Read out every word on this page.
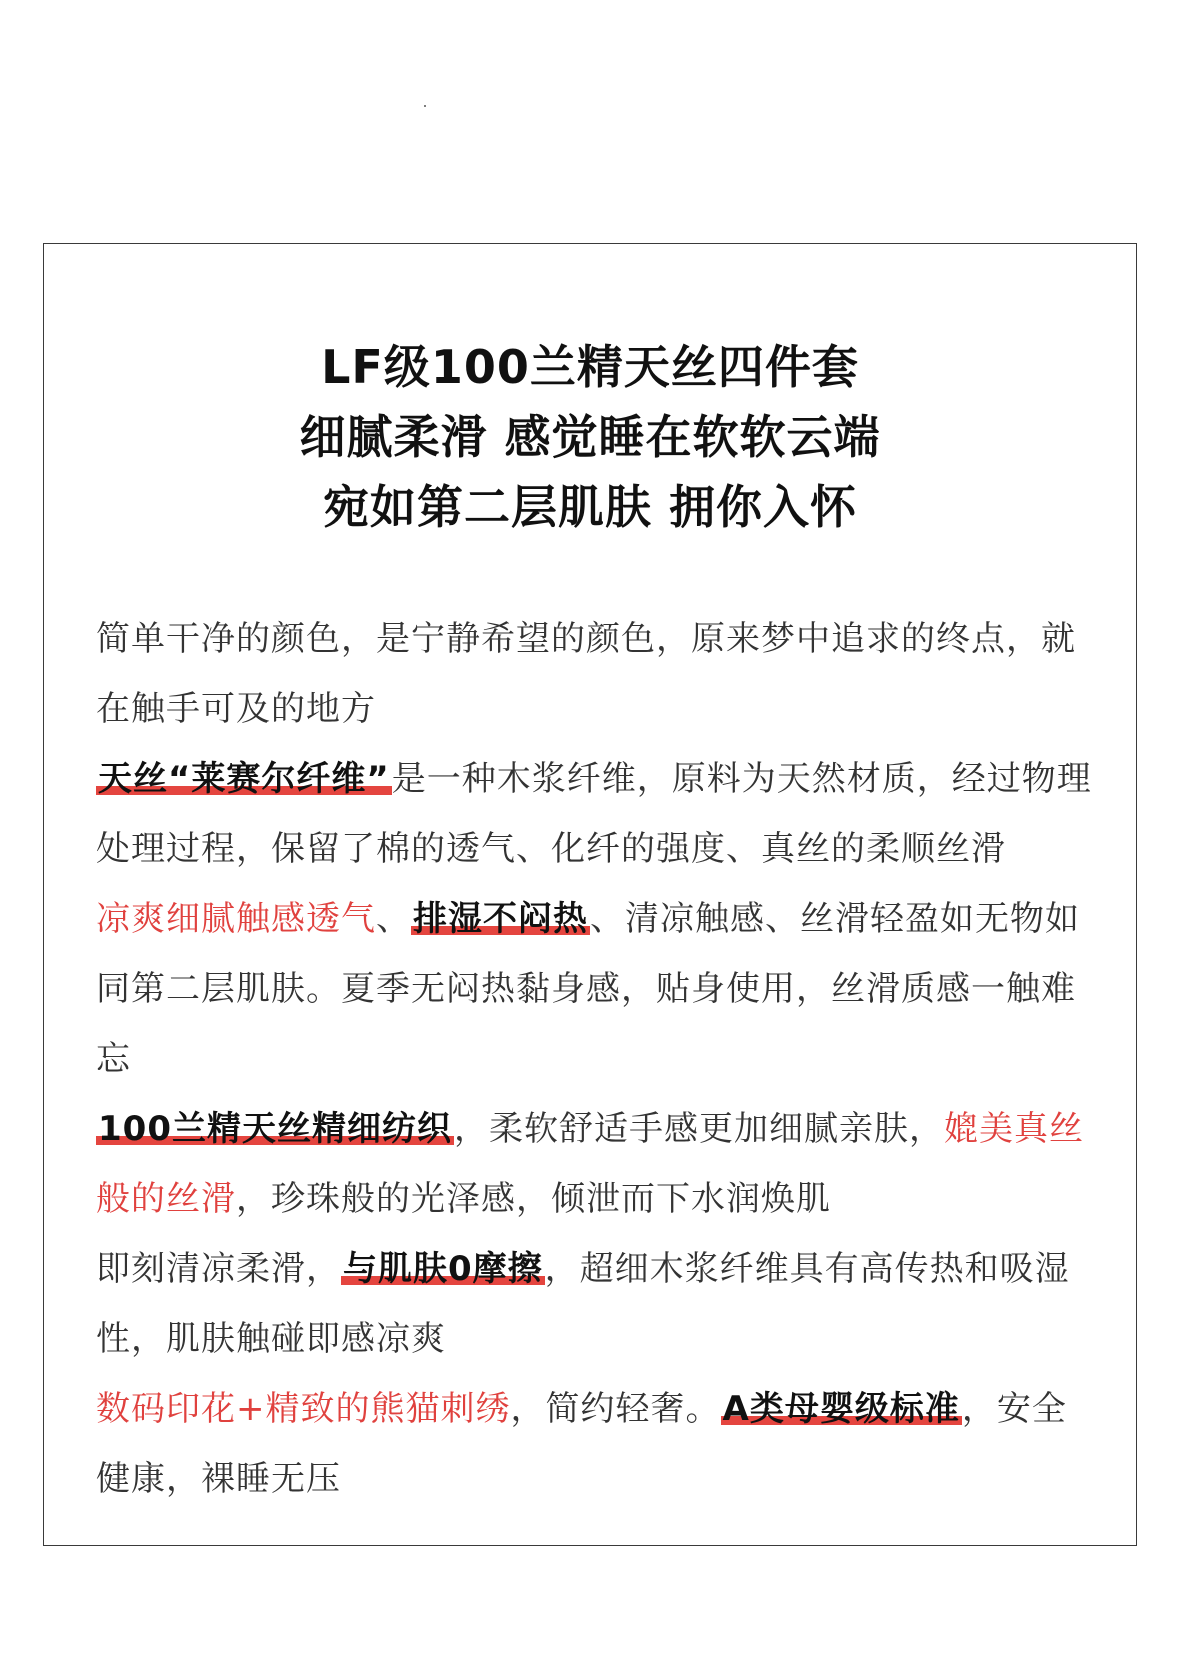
LF级100兰精天丝四件套
细腻柔滑 感觉睡在软软云端
宛如第二层肌肤 拥你入怀

简单干净的颜色，是宁静希望的颜色，原来梦中追求的终点，就在触手可及的地方

天丝“莱赛尔纤维”是一种木浆纤维，原料为天然材质，经过物理处理过程，保留了棉的透气、化纤的强度、真丝的柔顺丝滑

凉爽细腻触感透气、排湿不闷热、清凉触感、丝滑轻盈如无物如同第二层肌肤。夏季无闷热黏身感，贴身使用，丝滑质感一触难忘

100兰精天丝精细纺织，柔软舒适手感更加细腻亲肤，媲美真丝般的丝滑，珍珠般的光泽感，倾泄而下水润焕肌

即刻清凉柔滑，与肌肤0摩擦，超细木浆纤维具有高传热和吸湿性，肌肤触碰即感凉爽

数码印花+精致的熊猫刺绣，简约轻奢。A类母婴级标准，安全健康，裸睡无压
